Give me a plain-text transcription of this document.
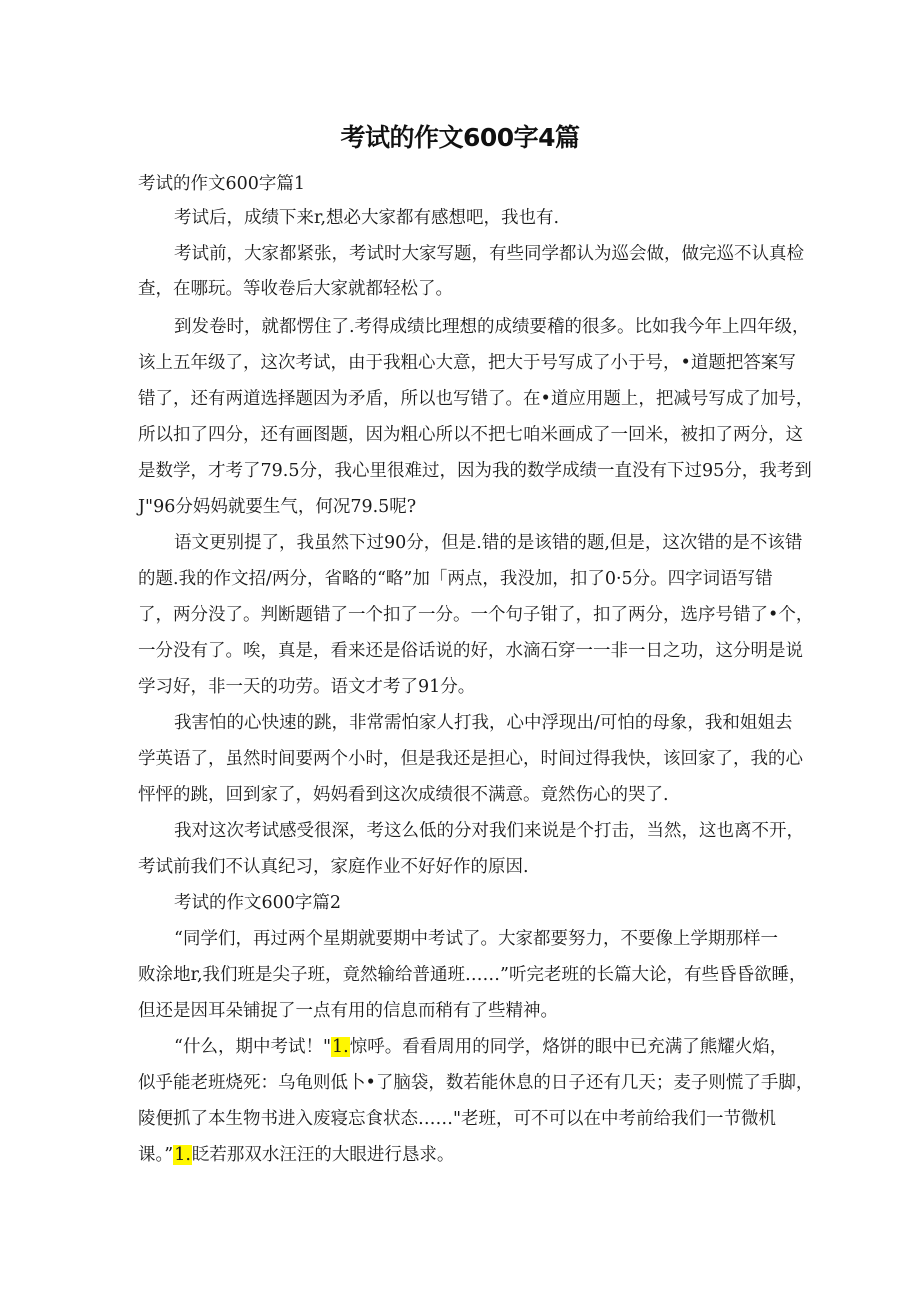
考试的作文600字4篇
考试的作文600字篇1
考试后，成绩下来r,想必大家都有感想吧，我也有.
考试前，大家都紧张，考试时大家写题，有些同学都认为巡会做，做完巡不认真检
查，在哪玩。等收卷后大家就都轻松了。
到发卷时，就都愣住了.考得成绩比理想的成绩要稽的很多。比如我今年上四年级，
该上五年级了，这次考试，由于我粗心大意，把大于号写成了小于号，•道题把答案写
错了，还有两道选择题因为矛盾，所以也写错了。在•道应用题上，把减号写成了加号，
所以扣了四分，还有画图题，因为粗心所以不把七咱米画成了一回米，被扣了两分，这
是数学，才考了79.5分，我心里很难过，因为我的数学成绩一直没有下过95分，我考到
J"96分妈妈就要生气，何况79.5呢?
语文更别提了，我虽然下过90分，但是.错的是该错的题,但是，这次错的是不该错
的题.我的作文招/两分，省略的“略”加「两点，我没加，扣了0·5分。四字词语写错
了，两分没了。判断题错了一个扣了一分。一个句子钳了，扣了两分，选序号错了•个，
一分没有了。唉，真是，看来还是俗话说的好，水滴石穿一一非一日之功，这分明是说
学习好，非一天的功劳。语文才考了91分。
我害怕的心快速的跳，非常需怕家人打我，心中浮现出/可怕的母象，我和姐姐去
学英语了，虽然时间要两个小时，但是我还是担心，时间过得我快，该回家了，我的心
怦怦的跳，回到家了，妈妈看到这次成绩很不满意。竟然伤心的哭了.
我对这次考试感受很深，考这么低的分对我们来说是个打击，当然，这也离不开，
考试前我们不认真纪习，家庭作业不好好作的原因.
考试的作文600字篇2
“同学们，再过两个星期就要期中考试了。大家都要努力，不要像上学期那样一
败涂地r,我们班是尖子班，竟然输给普通班……”听完老班的长篇大论，有些昏昏欲睡，
但还是因耳朵铺捉了一点有用的信息而稍有了些精神。
“什么，期中考试！"1.惊呼。看看周用的同学，烙饼的眼中已充满了熊耀火焰，
似乎能老班烧死：乌龟则低卜•了脑袋，数若能休息的日子还有几天；麦子则慌了手脚，
陵便抓了本生物书进入废寝忘食状态……"老班，可不可以在中考前给我们一节微机
课。”1.眨若那双水汪汪的大眼进行恳求。
